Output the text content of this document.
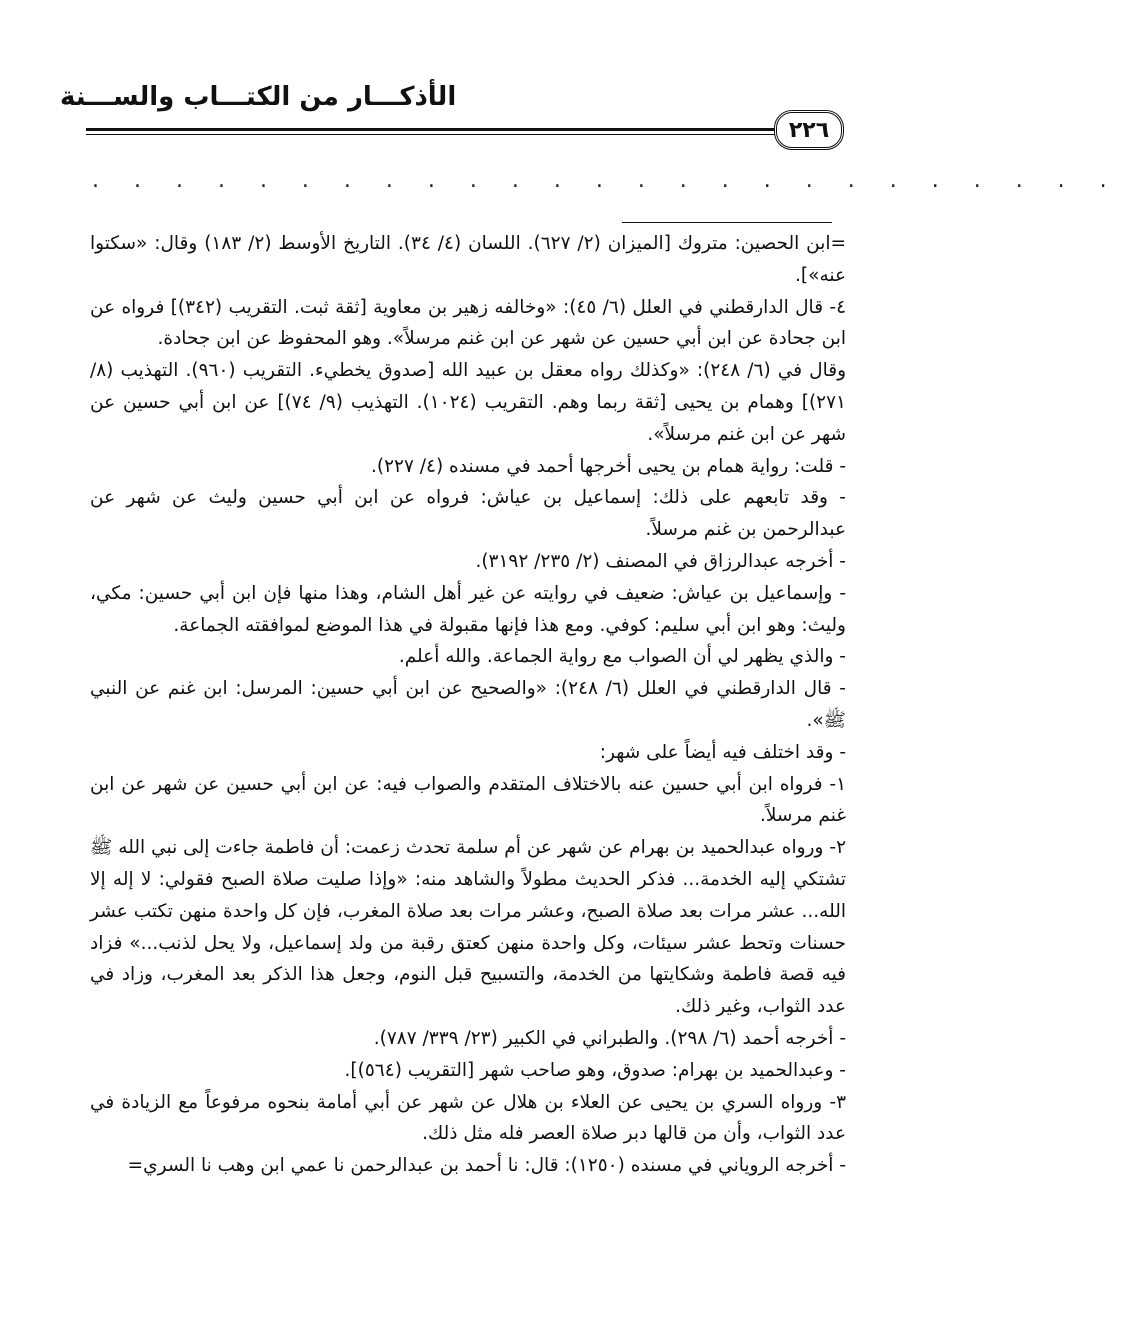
الأذكـــار من الكتـــاب والســـنة
٢٢٦
. . . . . . . . . . . . . . . . . . . . . . . . .

=ابن الحصين: متروك [الميزان (٢/ ٦٢٧). اللسان (٤/ ٣٤). التاريخ الأوسط (٢/ ١٨٣) وقال: «سكتوا عنه»].

٤- قال الدارقطني في العلل (٦/ ٤٥): «وخالفه زهير بن معاوية [ثقة ثبت. التقريب (٣٤٢)] فرواه عن ابن جحادة عن ابن أبي حسين عن شهر عن ابن غنم مرسلاً». وهو المحفوظ عن ابن جحادة.

وقال في (٦/ ٢٤٨): «وكذلك رواه معقل بن عبيد الله [صدوق يخطيء. التقريب (٩٦٠). التهذيب (٨/ ٢٧١)] وهمام بن يحيى [ثقة ربما وهم. التقريب (١٠٢٤). التهذيب (٩/ ٧٤)] عن ابن أبي حسين عن شهر عن ابن غنم مرسلاً».

- قلت: رواية همام بن يحيى أخرجها أحمد في مسنده (٤/ ٢٢٧).

- وقد تابعهم على ذلك: إسماعيل بن عياش: فرواه عن ابن أبي حسين وليث عن شهر عن عبدالرحمن بن غنم مرسلاً.

- أخرجه عبدالرزاق في المصنف (٢/ ٢٣٥/ ٣١٩٢).

- وإسماعيل بن عياش: ضعيف في روايته عن غير أهل الشام، وهذا منها فإن ابن أبي حسين: مكي، وليث: وهو ابن أبي سليم: كوفي. ومع هذا فإنها مقبولة في هذا الموضع لموافقته الجماعة.

- والذي يظهر لي أن الصواب مع رواية الجماعة. والله أعلم.

- قال الدارقطني في العلل (٦/ ٢٤٨): «والصحيح عن ابن أبي حسين: المرسل: ابن غنم عن النبي ﷺ».

- وقد اختلف فيه أيضاً على شهر:

١- فرواه ابن أبي حسين عنه بالاختلاف المتقدم والصواب فيه: عن ابن أبي حسين عن شهر عن ابن غنم مرسلاً.

٢- ورواه عبدالحميد بن بهرام عن شهر عن أم سلمة تحدث زعمت: أن فاطمة جاءت إلى نبي الله ﷺ تشتكي إليه الخدمة... فذكر الحديث مطولاً والشاهد منه: «وإذا صليت صلاة الصبح فقولي: لا إله إلا الله... عشر مرات بعد صلاة الصبح، وعشر مرات بعد صلاة المغرب، فإن كل واحدة منهن تكتب عشر حسنات وتحط عشر سيئات، وكل واحدة منهن كعتق رقبة من ولد إسماعيل، ولا يحل لذنب...» فزاد فيه قصة فاطمة وشكايتها من الخدمة، والتسبيح قبل النوم، وجعل هذا الذكر بعد المغرب، وزاد في عدد الثواب، وغير ذلك.

- أخرجه أحمد (٦/ ٢٩٨). والطبراني في الكبير (٢٣/ ٣٣٩/ ٧٨٧).

- وعبدالحميد بن بهرام: صدوق، وهو صاحب شهر [التقريب (٥٦٤)].

٣- ورواه السري بن يحيى عن العلاء بن هلال عن شهر عن أبي أمامة بنحوه مرفوعاً مع الزيادة في عدد الثواب، وأن من قالها دبر صلاة العصر فله مثل ذلك.

- أخرجه الروياني في مسنده (١٢٥٠): قال: نا أحمد بن عبدالرحمن نا عمي ابن وهب نا السري=
